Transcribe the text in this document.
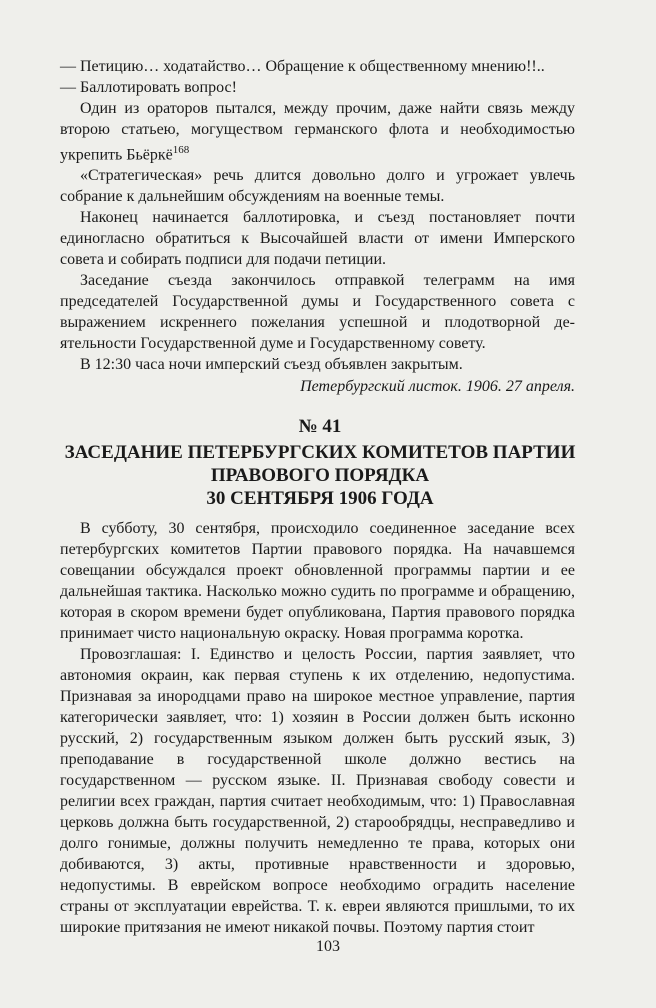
— Петицию… ходатайство… Обращение к общественному мнению!!..

— Баллотировать вопрос!

Один из ораторов пытался, между прочим, даже найти связь между второю статьею, могуществом германского флота и необходимостью укрепить Бьёркё$^{168}$

«Стратегическая» речь длится довольно долго и угрожает увлечь собрание к дальнейшим обсуждениям на военные темы.

Наконец начинается баллотировка, и съезд постановляет почти единогласно обратиться к Высочайшей власти от имени Имперского совета и собирать подписи для подачи петиции.

Заседание съезда закончилось отправкой телеграмм на имя председателей Государственной думы и Государственного совета с выражением искреннего пожелания успешной и плодотворной деятельности Государственной думе и Государственному совету.

В 12:30 часа ночи имперский съезд объявлен закрытым.

Петербургский листок. 1906. 27 апреля.
№ 41
ЗАСЕДАНИЕ ПЕТЕРБУРГСКИХ КОМИТЕТОВ ПАРТИИ
ПРАВОВОГО ПОРЯДКА
30 СЕНТЯБРЯ 1906 ГОДА

В субботу, 30 сентября, происходило соединенное заседание всех петербургских комитетов Партии правового порядка. На начавшемся совещании обсуждался проект обновленной программы партии и ее дальнейшая тактика. Насколько можно судить по программе и обращению, которая в скором времени будет опубликована, Партия правового порядка принимает чисто национальную окраску. Новая программа коротка.

Провозглашая: I. Единство и целость России, партия заявляет, что автономия окраин, как первая ступень к их отделению, недопустима. Признавая за инородцами право на широкое местное управление, партия категорически заявляет, что: 1) хозяин в России должен быть исконно русский, 2) государственным языком должен быть русский язык, 3) преподавание в государственной школе должно вестись на государственном — русском языке. II. Признавая свободу совести и религии всех граждан, партия считает необходимым, что: 1) Православная церковь должна быть государственной, 2) старообрядцы, несправедливо и долго гонимые, должны получить немедленно те права, которых они добиваются, 3) акты, противные нравственности и здоровью, недопустимы. В еврейском вопросе необходимо оградить население страны от эксплуатации еврейства. Т. к. евреи являются пришлыми, то их широкие притязания не имеют никакой почвы. Поэтому партия стоит

103
